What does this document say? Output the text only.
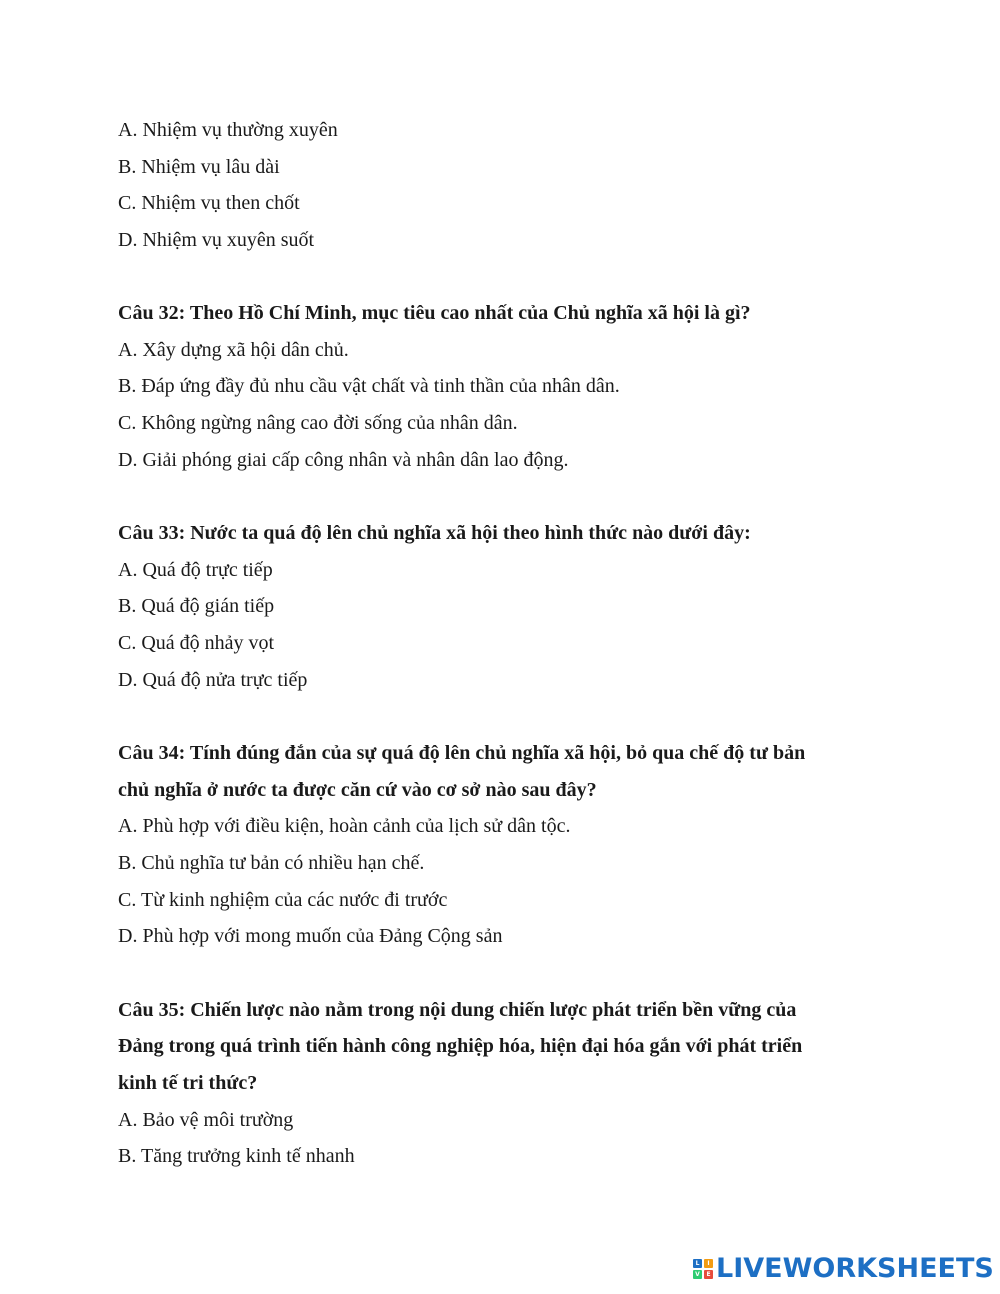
A. Nhiệm vụ thường xuyên
B. Nhiệm vụ lâu dài
C. Nhiệm vụ then chốt
D. Nhiệm vụ xuyên suốt
Câu 32: Theo Hồ Chí Minh, mục tiêu cao nhất của Chủ nghĩa xã hội là gì?
A. Xây dựng xã hội dân chủ.
B. Đáp ứng đầy đủ nhu cầu vật chất và tinh thần của nhân dân.
C. Không ngừng nâng cao đời sống của nhân dân.
D. Giải phóng giai cấp công nhân và nhân dân lao động.
Câu 33: Nước ta quá độ lên chủ nghĩa xã hội theo hình thức nào dưới đây:
A. Quá độ trực tiếp
B. Quá độ gián tiếp
C. Quá độ nhảy vọt
D. Quá độ nửa trực tiếp
Câu 34: Tính đúng đắn của sự quá độ lên chủ nghĩa xã hội, bỏ qua chế độ tư bản
chủ nghĩa ở nước ta được căn cứ vào cơ sở nào sau đây?
A. Phù hợp với điều kiện, hoàn cảnh của lịch sử dân tộc.
B. Chủ nghĩa tư bản có nhiều hạn chế.
C. Từ kinh nghiệm của các nước đi trước
D. Phù hợp với mong muốn của Đảng Cộng sản
Câu 35: Chiến lược nào nằm trong nội dung chiến lược phát triển bền vững của
Đảng trong quá trình tiến hành công nghiệp hóa, hiện đại hóa gắn với phát triển
kinh tế tri thức?
A. Bảo vệ môi trường
B. Tăng trưởng kinh tế nhanh
L	I
V	E LIVEWORKSHEETS
